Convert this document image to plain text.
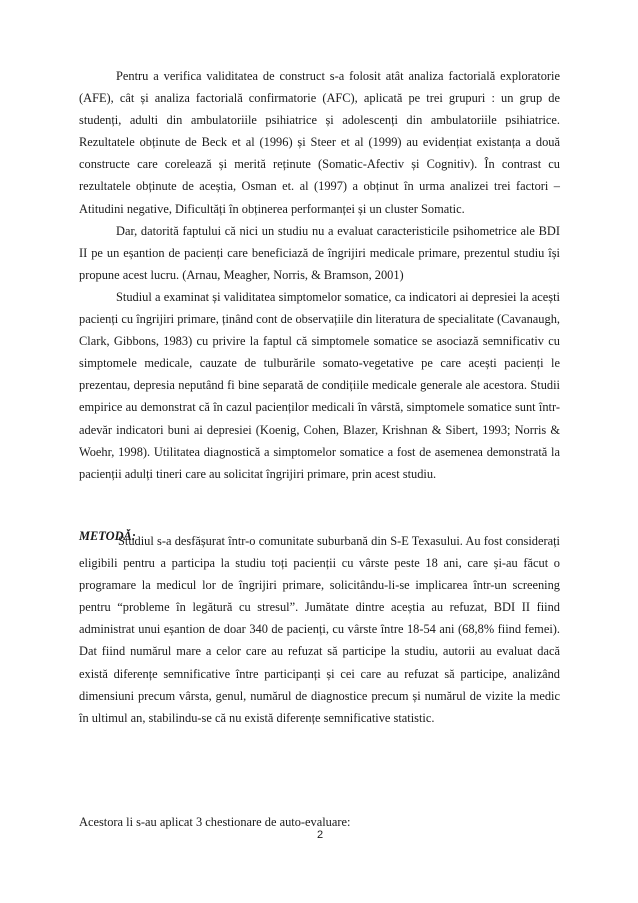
Pentru a verifica validitatea de construct s-a folosit atât analiza factorială exploratorie (AFE), cât și analiza factorială confirmatorie (AFC), aplicată pe trei grupuri : un grup de studenți, adulti din ambulatoriile psihiatrice și adolescenți din ambulatoriile psihiatrice. Rezultatele obținute de Beck et al (1996) și Steer et al (1999) au evidențiat existanța a două constructe care corelează și merită reținute (Somatic-Afectiv și Cognitiv). În contrast cu rezultatele obținute de aceștia, Osman et. al (1997) a obținut în urma analizei trei factori – Atitudini negative, Dificultăți în obținerea performanței și un cluster Somatic.

Dar, datorită faptului că nici un studiu nu a evaluat caracteristicile psihometrice ale BDI II pe un eșantion de pacienți care beneficiază de îngrijiri medicale primare, prezentul studiu își propune acest lucru. (Arnau, Meagher, Norris, & Bramson, 2001)

Studiul a examinat și validitatea simptomelor somatice, ca indicatori ai depresiei la acești pacienți cu îngrijiri primare, ținând cont de observațiile din literatura de specialitate (Cavanaugh, Clark, Gibbons, 1983) cu privire la faptul că simptomele somatice se asociază semnificativ cu simptomele medicale, cauzate de tulburările somato-vegetative pe care acești pacienți le prezentau, depresia neputând fi bine separată de condițiile medicale generale ale acestora. Studii empirice au demonstrat că în cazul pacienților medicali în vârstă, simptomele somatice sunt într-adevăr indicatori buni ai depresiei (Koenig, Cohen, Blazer, Krishnan & Sibert, 1993; Norris & Woehr, 1998). Utilitatea diagnostică a simptomelor somatice a fost de asemenea demonstrată la pacienții adulți tineri care au solicitat îngrijiri primare, prin acest studiu.

METODĂ:

Studiul s-a desfășurat într-o comunitate suburbană din S-E Texasului. Au fost considerați eligibili pentru a participa la studiu toți pacienții cu vârste peste 18 ani, care și-au făcut o programare la medicul lor de îngrijiri primare, solicitându-li-se implicarea într-un screening pentru “probleme în legătură cu stresul”. Jumătate dintre aceștia au refuzat, BDI II fiind administrat unui eșantion de doar 340 de pacienți, cu vârste între 18-54 ani (68,8% fiind femei). Dat fiind numărul mare a celor care au refuzat să participe la studiu, autorii au evaluat dacă există diferențe semnificative între participanți și cei care au refuzat să participe, analizând dimensiuni precum vârsta, genul, numărul de diagnostice precum și numărul de vizite la medic în ultimul an, stabilindu-se că nu există diferențe semnificative statistic.

Acestora li s-au aplicat 3 chestionare de auto-evaluare:

2
